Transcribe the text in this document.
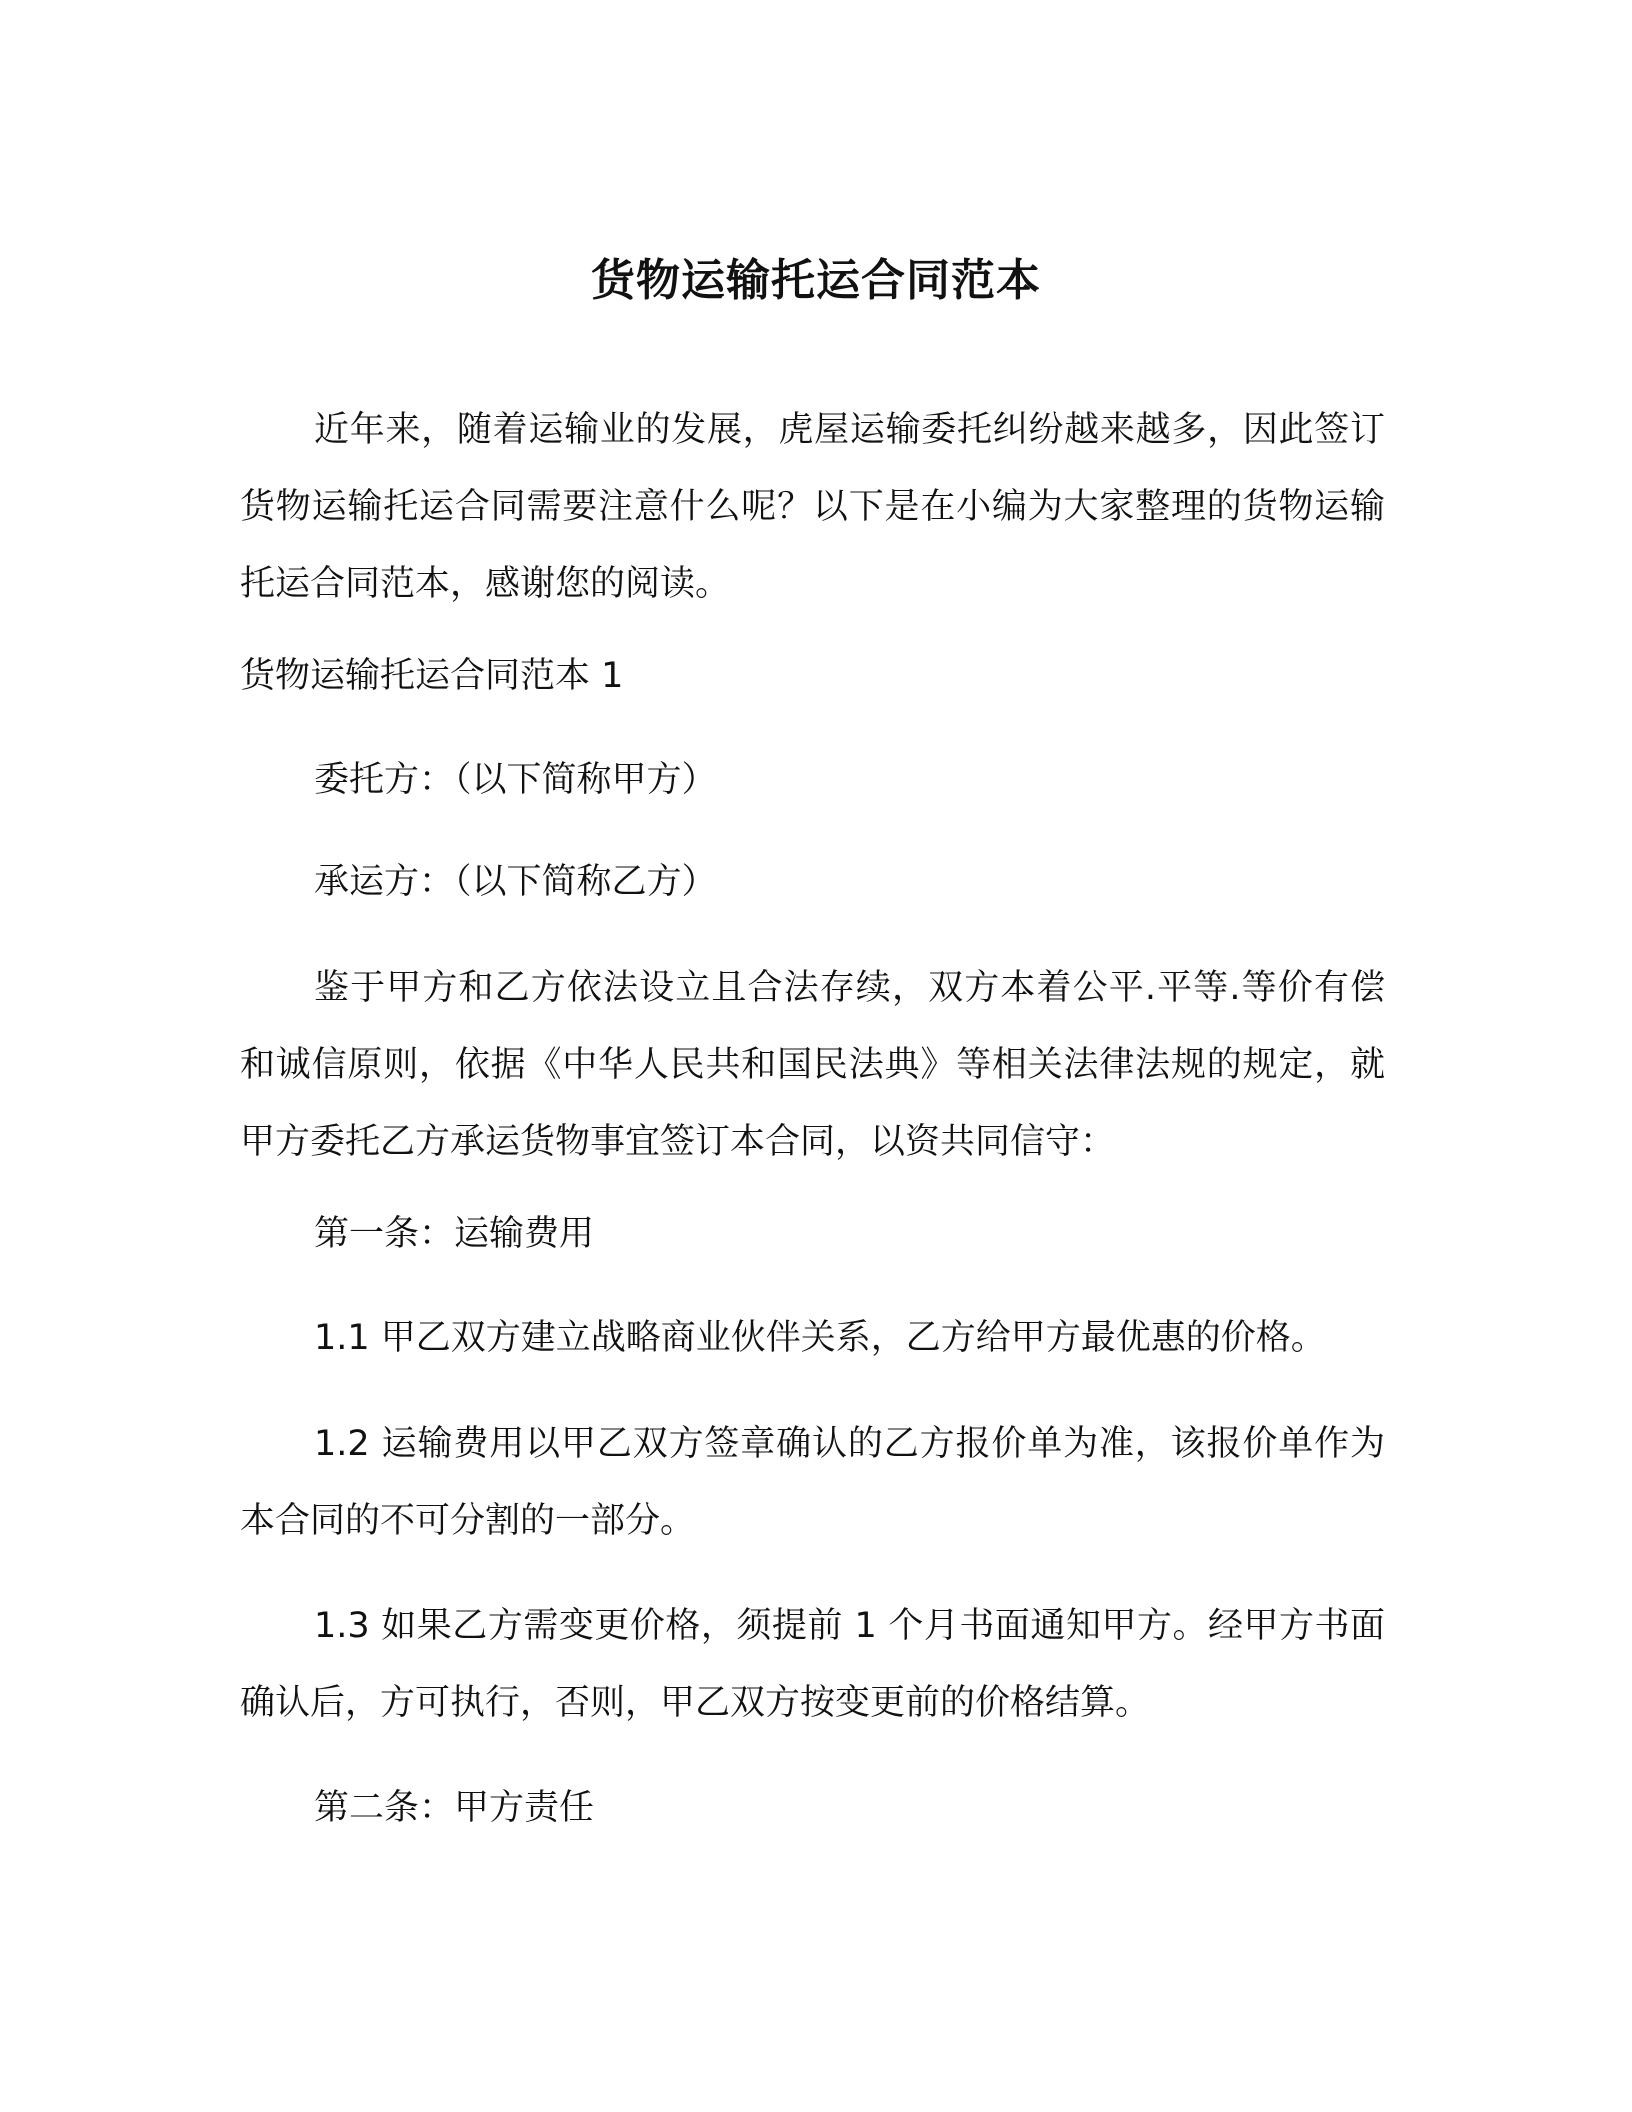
货物运输托运合同范本

近年来，随着运输业的发展，虎屋运输委托纠纷越来越多，因此签订货物运输托运合同需要注意什么呢？以下是在小编为大家整理的货物运输托运合同范本，感谢您的阅读。

货物运输托运合同范本 1

委托方：（以下简称甲方）

承运方：（以下简称乙方）

鉴于甲方和乙方依法设立且合法存续，双方本着公平.平等.等价有偿和诚信原则，依据《中华人民共和国民法典》等相关法律法规的规定，就甲方委托乙方承运货物事宜签订本合同，以资共同信守：

第一条：运输费用

1.1 甲乙双方建立战略商业伙伴关系，乙方给甲方最优惠的价格。

1.2 运输费用以甲乙双方签章确认的乙方报价单为准，该报价单作为本合同的不可分割的一部分。

1.3 如果乙方需变更价格，须提前 1 个月书面通知甲方。经甲方书面确认后，方可执行，否则，甲乙双方按变更前的价格结算。

第二条：甲方责任
